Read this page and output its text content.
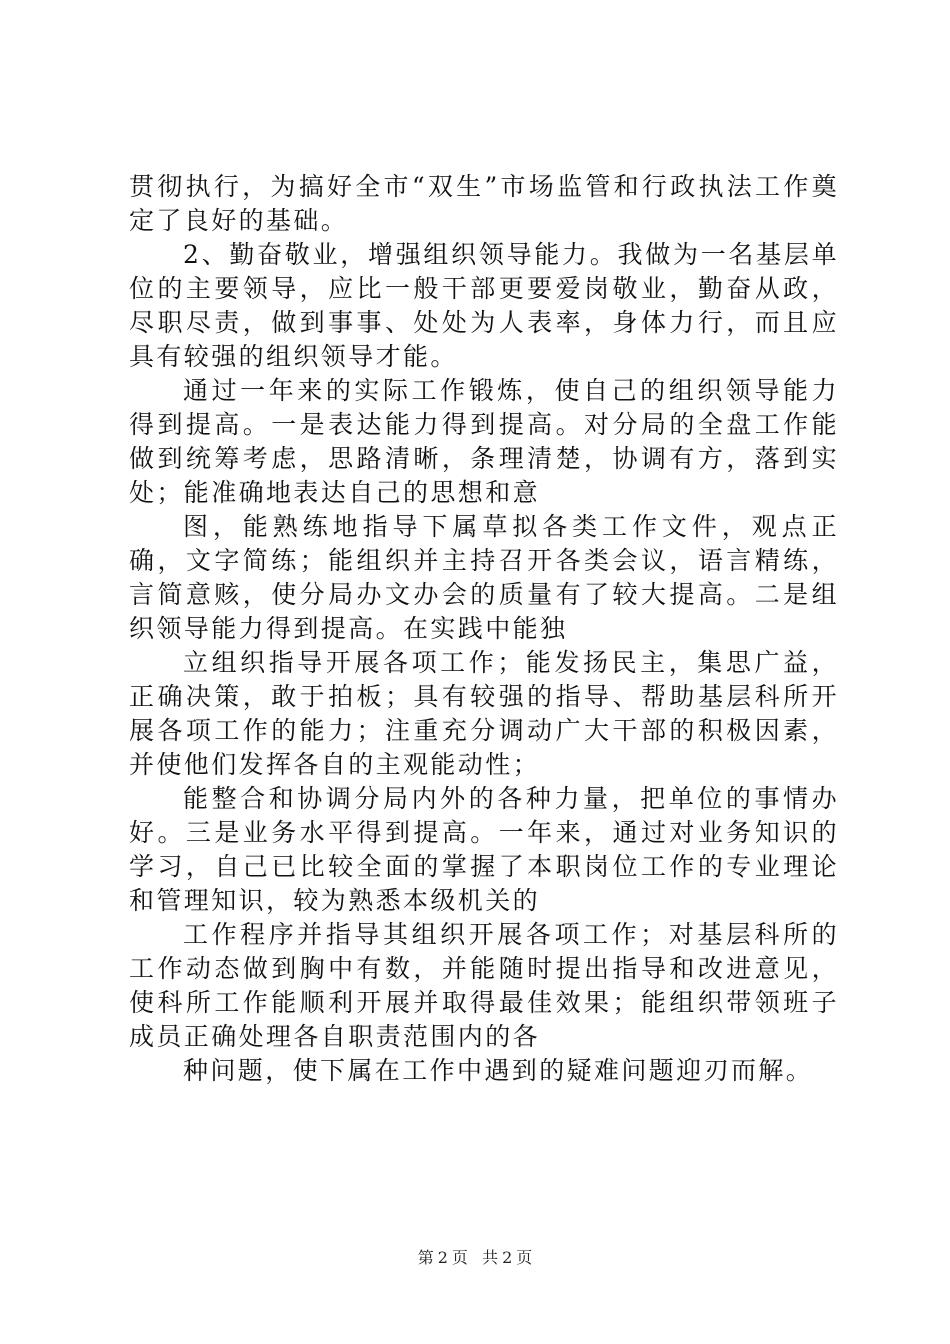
贯彻执行，为搞好全市“双生”市场监管和行政执法工作奠定了良好的基础。

2、勤奋敬业，增强组织领导能力。我做为一名基层单位的主要领导，应比一般干部更要爱岗敬业，勤奋从政，尽职尽责，做到事事、处处为人表率，身体力行，而且应具有较强的组织领导才能。

通过一年来的实际工作锻炼，使自己的组织领导能力得到提高。一是表达能力得到提高。对分局的全盘工作能做到统筹考虑，思路清晰，条理清楚，协调有方，落到实处；能准确地表达自己的思想和意

图，能熟练地指导下属草拟各类工作文件，观点正确，文字简练；能组织并主持召开各类会议，语言精练，言简意赅，使分局办文办会的质量有了较大提高。二是组织领导能力得到提高。在实践中能独

立组织指导开展各项工作；能发扬民主，集思广益，正确决策，敢于拍板；具有较强的指导、帮助基层科所开展各项工作的能力；注重充分调动广大干部的积极因素，并使他们发挥各自的主观能动性；

能整合和协调分局内外的各种力量，把单位的事情办好。三是业务水平得到提高。一年来，通过对业务知识的学习，自己已比较全面的掌握了本职岗位工作的专业理论和管理知识，较为熟悉本级机关的

工作程序并指导其组织开展各项工作；对基层科所的工作动态做到胸中有数，并能随时提出指导和改进意见，使科所工作能顺利开展并取得最佳效果；能组织带领班子成员正确处理各自职责范围内的各

种问题，使下属在工作中遇到的疑难问题迎刃而解。

第 2 页 共 2 页
